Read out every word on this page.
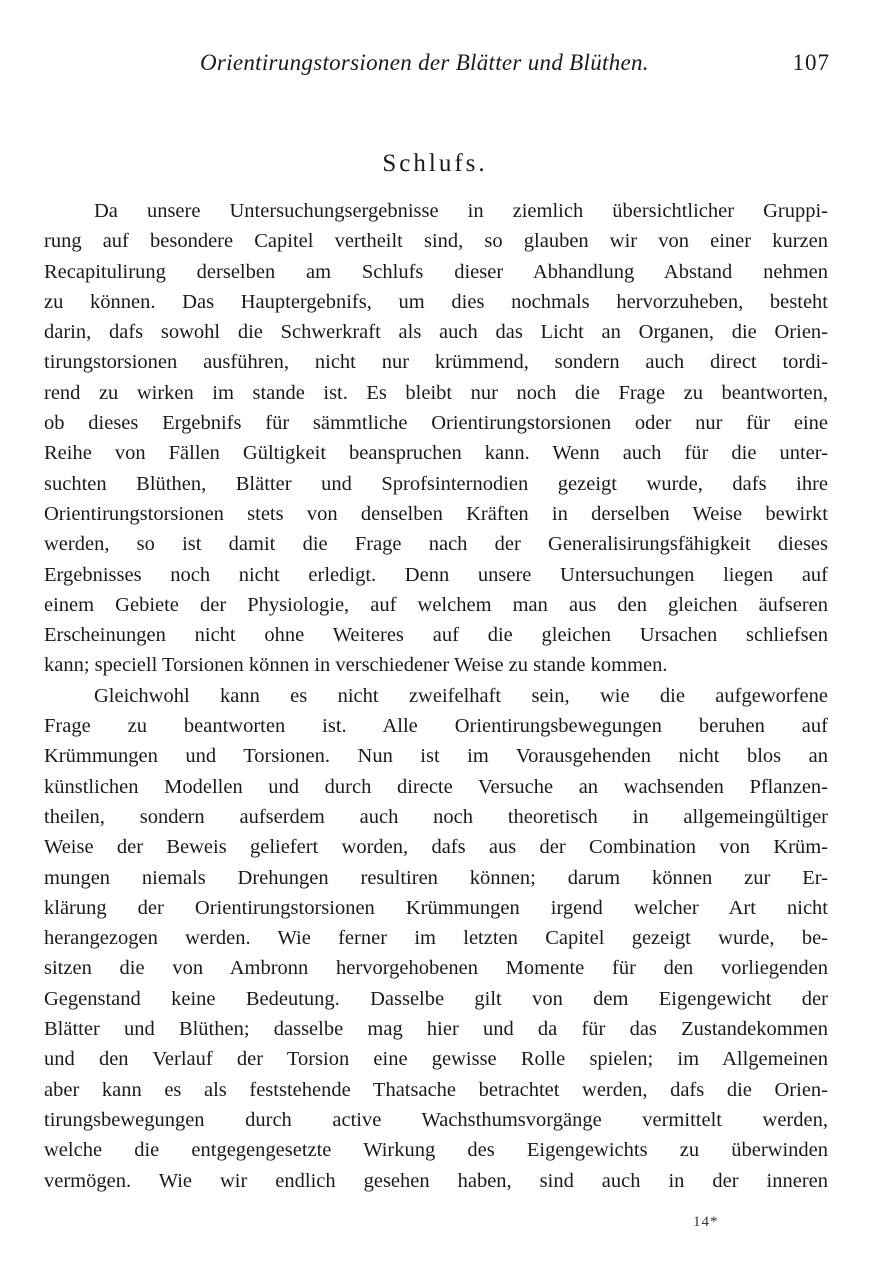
Orientirungstorsionen der Blätter und Blüthen.	107
Schlufs.
Da unsere Untersuchungsergebnisse in ziemlich übersichtlicher Gruppi-
rung auf besondere Capitel vertheilt sind, so glauben wir von einer kurzen
Recapitulirung derselben am Schlufs dieser Abhandlung Abstand nehmen
zu können. Das Hauptergebnifs, um dies nochmals hervorzuheben, besteht
darin, dafs sowohl die Schwerkraft als auch das Licht an Organen, die Orien-
tirungstorsionen ausführen, nicht nur krümmend, sondern auch direct tordi-
rend zu wirken im stande ist. Es bleibt nur noch die Frage zu beantworten,
ob dieses Ergebnifs für sämmtliche Orientirungstorsionen oder nur für eine
Reihe von Fällen Gültigkeit beanspruchen kann. Wenn auch für die unter-
suchten Blüthen, Blätter und Sprofsinternodien gezeigt wurde, dafs ihre
Orientirungstorsionen stets von denselben Kräften in derselben Weise bewirkt
werden, so ist damit die Frage nach der Generalisirungsfähigkeit dieses
Ergebnisses noch nicht erledigt. Denn unsere Untersuchungen liegen auf
einem Gebiete der Physiologie, auf welchem man aus den gleichen äufseren
Erscheinungen nicht ohne Weiteres auf die gleichen Ursachen schliefsen
kann; speciell Torsionen können in verschiedener Weise zu stande kommen.
Gleichwohl kann es nicht zweifelhaft sein, wie die aufgeworfene
Frage zu beantworten ist. Alle Orientirungsbewegungen beruhen auf
Krümmungen und Torsionen. Nun ist im Vorausgehenden nicht blos an
künstlichen Modellen und durch directe Versuche an wachsenden Pflanzen-
theilen, sondern aufserdem auch noch theoretisch in allgemeingültiger
Weise der Beweis geliefert worden, dafs aus der Combination von Krüm-
mungen niemals Drehungen resultiren können; darum können zur Er-
klärung der Orientirungstorsionen Krümmungen irgend welcher Art nicht
herangezogen werden. Wie ferner im letzten Capitel gezeigt wurde, be-
sitzen die von Ambronn hervorgehobenen Momente für den vorliegenden
Gegenstand keine Bedeutung. Dasselbe gilt von dem Eigengewicht der
Blätter und Blüthen; dasselbe mag hier und da für das Zustandekommen
und den Verlauf der Torsion eine gewisse Rolle spielen; im Allgemeinen
aber kann es als feststehende Thatsache betrachtet werden, dafs die Orien-
tirungsbewegungen durch active Wachsthumsvorgänge vermittelt werden,
welche die entgegengesetzte Wirkung des Eigengewichts zu überwinden
vermögen. Wie wir endlich gesehen haben, sind auch in der inneren
14*
